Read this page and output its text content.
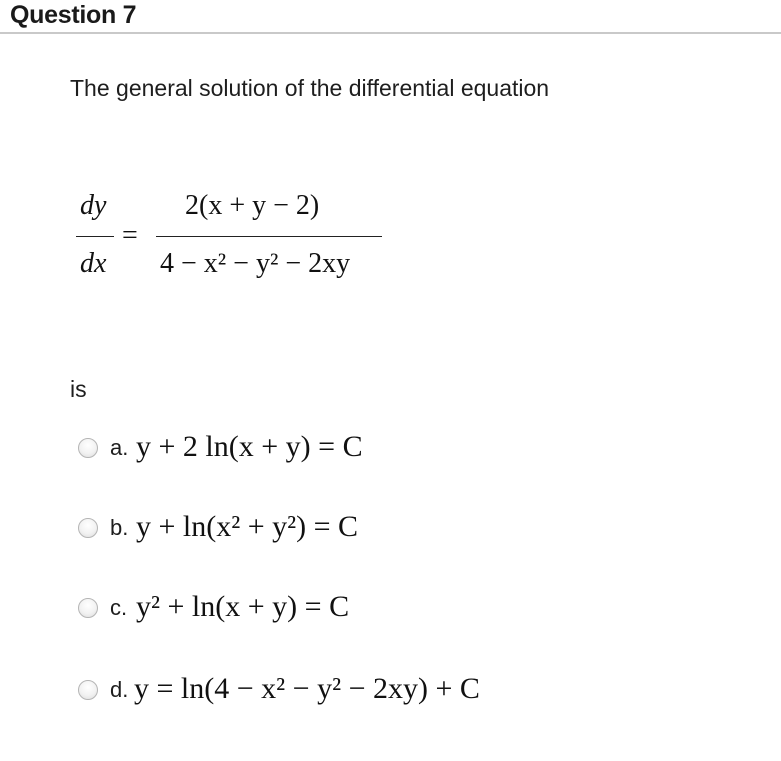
Question 7
The general solution of the differential equation
dy
dx
=
2(x + y − 2)
4 − x² − y² − 2xy
is
a. y + 2 ln(x + y) = C
b. y + ln(x² + y²) = C
c. y² + ln(x + y) = C
d. y = ln(4 − x² − y² − 2xy) + C
